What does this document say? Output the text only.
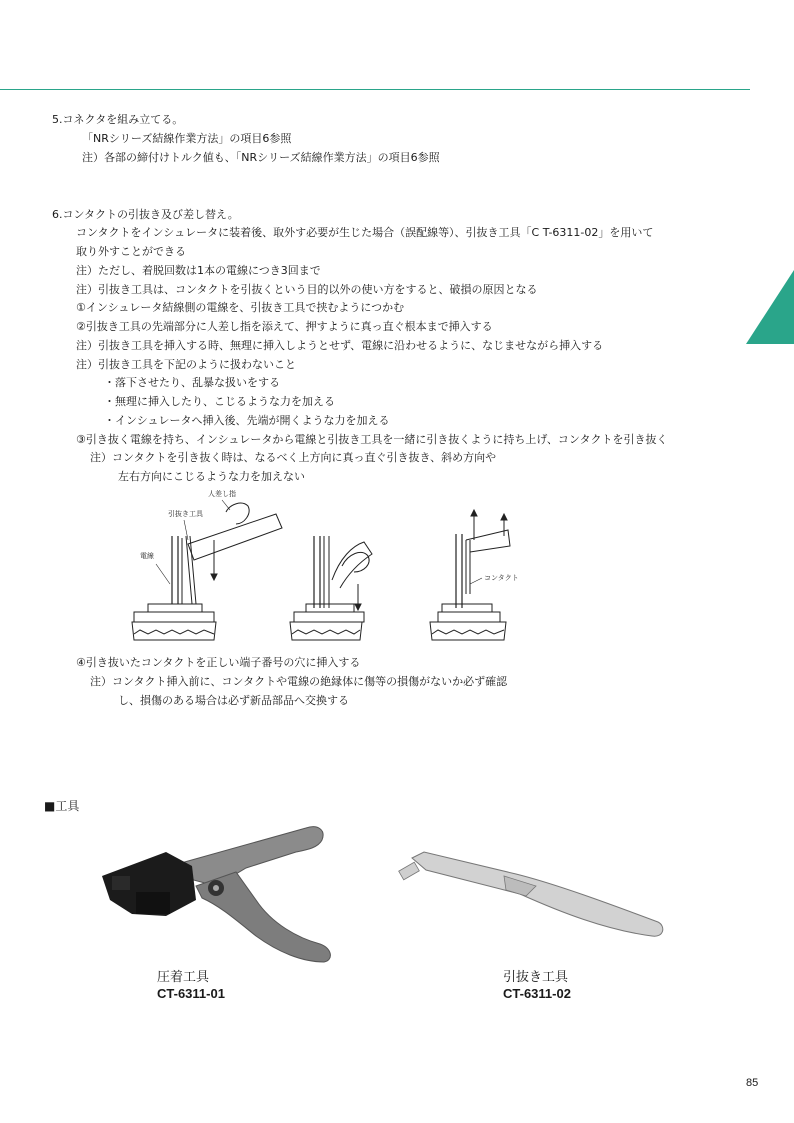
5.コネクタを組み立てる。
「NRシリーズ結線作業方法」の項目6参照
注）各部の締付けトルク値も、「NRシリーズ結線作業方法」の項目6参照
6.コンタクトの引抜き及び差し替え。
コンタクトをインシュレータに装着後、取外す必要が生じた場合（誤配線等）、引抜き工具「C T-6311-02」を用いて
取り外すことができる
注）ただし、着脱回数は1本の電線につき3回まで
注）引抜き工具は、コンタクトを引抜くという目的以外の使い方をすると、破損の原因となる
①インシュレータ結線側の電線を、引抜き工具で挟むようにつかむ
②引抜き工具の先端部分に人差し指を添えて、押すように真っ直ぐ根本まで挿入する
注）引抜き工具を挿入する時、無理に挿入しようとせず、電線に沿わせるように、なじませながら挿入する
注）引抜き工具を下記のように扱わないこと
・落下させたり、乱暴な扱いをする
・無理に挿入したり、こじるような力を加える
・インシュレータへ挿入後、先端が開くような力を加える
③引き抜く電線を持ち、インシュレータから電線と引抜き工具を一緒に引き抜くように持ち上げ、コンタクトを引き抜く
注）コンタクトを引き抜く時は、なるべく上方向に真っ直ぐ引き抜き、斜め方向や
左右方向にこじるような力を加えない
人差し指
引抜き工具
電線
コンタクト
④引き抜いたコンタクトを正しい端子番号の穴に挿入する
注）コンタクト挿入前に、コンタクトや電線の絶縁体に傷等の損傷がないか必ず確認
し、損傷のある場合は必ず新品部品へ交換する
■工具
圧着工具
CT-6311-01
引抜き工具
CT-6311-02
85
